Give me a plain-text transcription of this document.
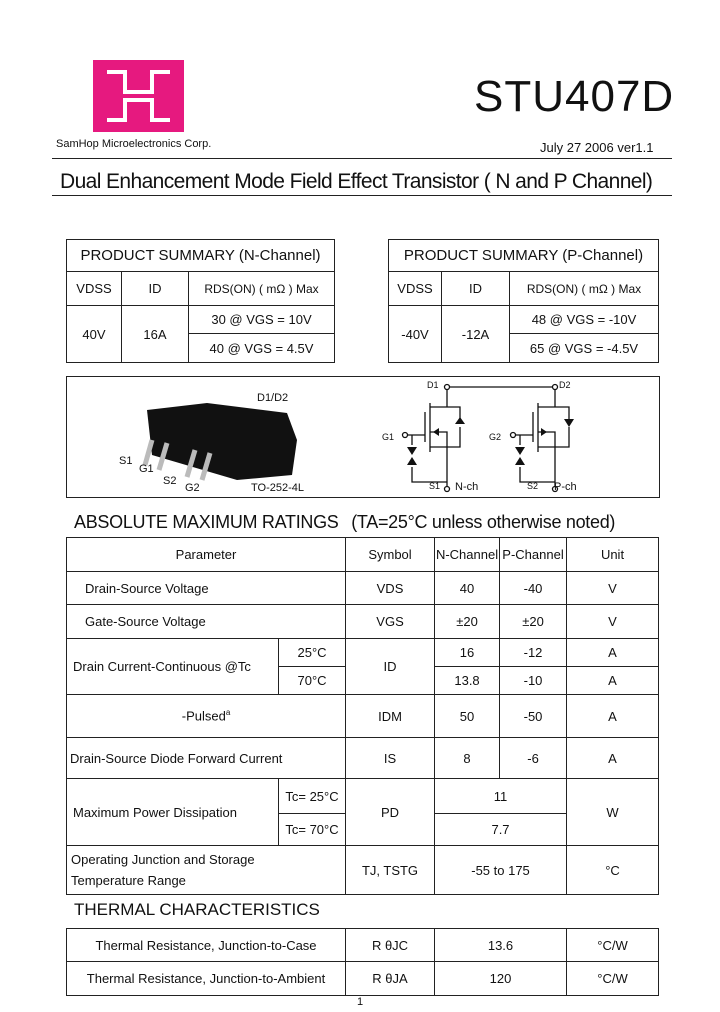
SamHop Microelectronics Corp.
STU407D
July 27 2006 ver1.1
Dual Enhancement Mode Field Effect Transistor ( N and P Channel)
PRODUCT SUMMARY (N-Channel)		
VDSS	ID	RDS(ON) ( mΩ ) Max
40V	16A	30 @ VGS = 10V
		40 @ VGS = 4.5V
PRODUCT SUMMARY (P-Channel)		
VDSS	ID	RDS(ON) ( mΩ ) Max
-40V	-12A	48 @ VGS = -10V
		65 @ VGS = -4.5V
D1/D2
S1
G1
S2
G2	TO-252-4L
D1	D2
G1	G2
S1	S2
N-ch	P-ch
ABSOLUTE MAXIMUM RATINGS (TA=25°C unless otherwise noted)
Parameter		Symbol	N-Channel	P-Channel	Unit
Drain-Source Voltage		VDS	40	-40	V
Gate-Source Voltage		VGS	±20	±20	V
Drain Current-Continuous @Tc	25°C	ID	16	-12	A
	70°C		13.8	-10	A
-Pulsed$^a$		IDM	50	-50	A
Drain-Source Diode Forward Current		IS	8	-6	A
Maximum Power Dissipation	Tc= 25°C	PD	11		W
	Tc= 70°C		7.7		

Operating Junction and Storage
Temperature Range		TJ, TSTG	-55 to 175		°C
THERMAL CHARACTERISTICS
Thermal Resistance, Junction-to-Case	R θJC	13.6	°C/W
Thermal Resistance, Junction-to-Ambient	R θJA	120	°C/W
1
